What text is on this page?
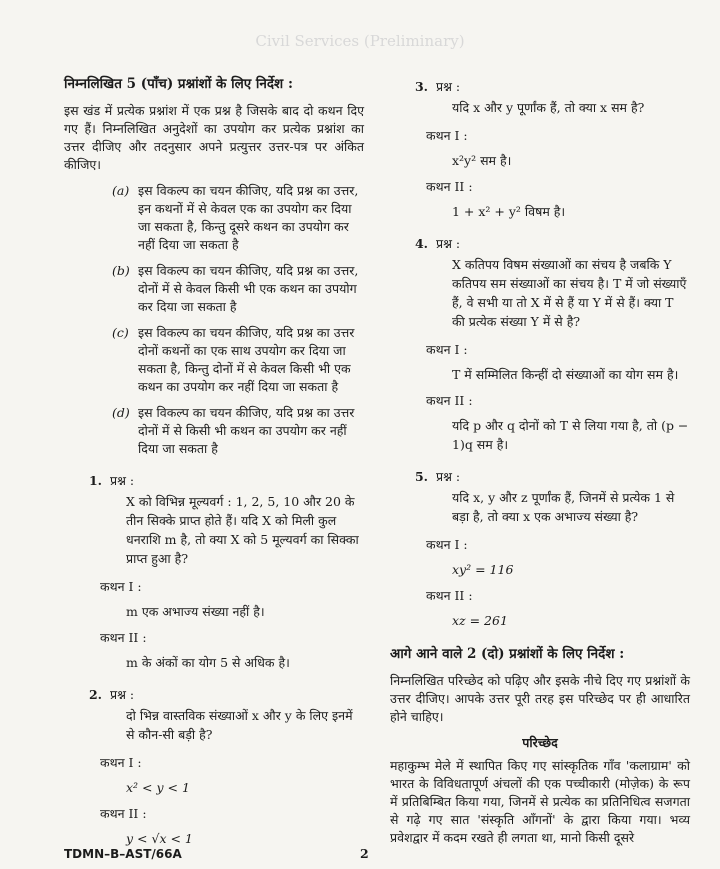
Civil Services (Preliminary)
निम्नलिखित 5 (पाँच) प्रश्नांशों के लिए निर्देश :
इस खंड में प्रत्येक प्रश्नांश में एक प्रश्न है जिसके बाद दो कथन दिए गए हैं। निम्नलिखित अनुदेशों का उपयोग कर प्रत्येक प्रश्नांश का उत्तर दीजिए और तदनुसार अपने प्रत्युत्तर उत्तर-पत्र पर अंकित कीजिए।
(a) इस विकल्प का चयन कीजिए, यदि प्रश्न का उत्तर, इन कथनों में से केवल एक का उपयोग कर दिया जा सकता है, किन्तु दूसरे कथन का उपयोग कर नहीं दिया जा सकता है
(b) इस विकल्प का चयन कीजिए, यदि प्रश्न का उत्तर, दोनों में से केवल किसी भी एक कथन का उपयोग कर दिया जा सकता है
(c) इस विकल्प का चयन कीजिए, यदि प्रश्न का उत्तर दोनों कथनों का एक साथ उपयोग कर दिया जा सकता है, किन्तु दोनों में से केवल किसी भी एक कथन का उपयोग कर नहीं दिया जा सकता है
(d) इस विकल्प का चयन कीजिए, यदि प्रश्न का उत्तर दोनों में से किसी भी कथन का उपयोग कर नहीं दिया जा सकता है
1. प्रश्न :
X को विभिन्न मूल्यवर्ग : 1, 2, 5, 10 और 20 के तीन सिक्के प्राप्त होते हैं। यदि X को मिली कुल धनराशि m है, तो क्या X को 5 मूल्यवर्ग का सिक्का प्राप्त हुआ है?
कथन I :
m एक अभाज्य संख्या नहीं है।
कथन II :
m के अंकों का योग 5 से अधिक है।
2. प्रश्न :
दो भिन्न वास्तविक संख्याओं x और y के लिए इनमें से कौन-सी बड़ी है?
कथन I :
x² < y < 1
कथन II :
y < √x < 1
3. प्रश्न :
यदि x और y पूर्णांक हैं, तो क्या x सम है?
कथन I :
x²y² सम है।
कथन II :
1 + x² + y² विषम है।
4. प्रश्न :
X कतिपय विषम संख्याओं का संचय है जबकि Y कतिपय सम संख्याओं का संचय है। T में जो संख्याएँ हैं, वे सभी या तो X में से हैं या Y में से हैं। क्या T की प्रत्येक संख्या Y में से है?
कथन I :
T में सम्मिलित किन्हीं दो संख्याओं का योग सम है।
कथन II :
यदि p और q दोनों को T से लिया गया है, तो (p − 1)q सम है।
5. प्रश्न :
यदि x, y और z पूर्णांक हैं, जिनमें से प्रत्येक 1 से बड़ा है, तो क्या x एक अभाज्य संख्या है?
कथन I :
xy² = 116
कथन II :
xz = 261
आगे आने वाले 2 (दो) प्रश्नांशों के लिए निर्देश :
निम्नलिखित परिच्छेद को पढ़िए और इसके नीचे दिए गए प्रश्नांशों के उत्तर दीजिए। आपके उत्तर पूरी तरह इस परिच्छेद पर ही आधारित होने चाहिए।
परिच्छेद
महाकुम्भ मेले में स्थापित किए गए सांस्कृतिक गाँव 'कलाग्राम' को भारत के विविधतापूर्ण अंचलों की एक पच्चीकारी (मोज़ेक) के रूप में प्रतिबिम्बित किया गया, जिनमें से प्रत्येक का प्रतिनिधित्व सजगता से गढ़े गए सात 'संस्कृति आँगनों' के द्वारा किया गया। भव्य प्रवेशद्वार में कदम रखते ही लगता था, मानो किसी दूसरे
TDMN–B–AST/66A	2
